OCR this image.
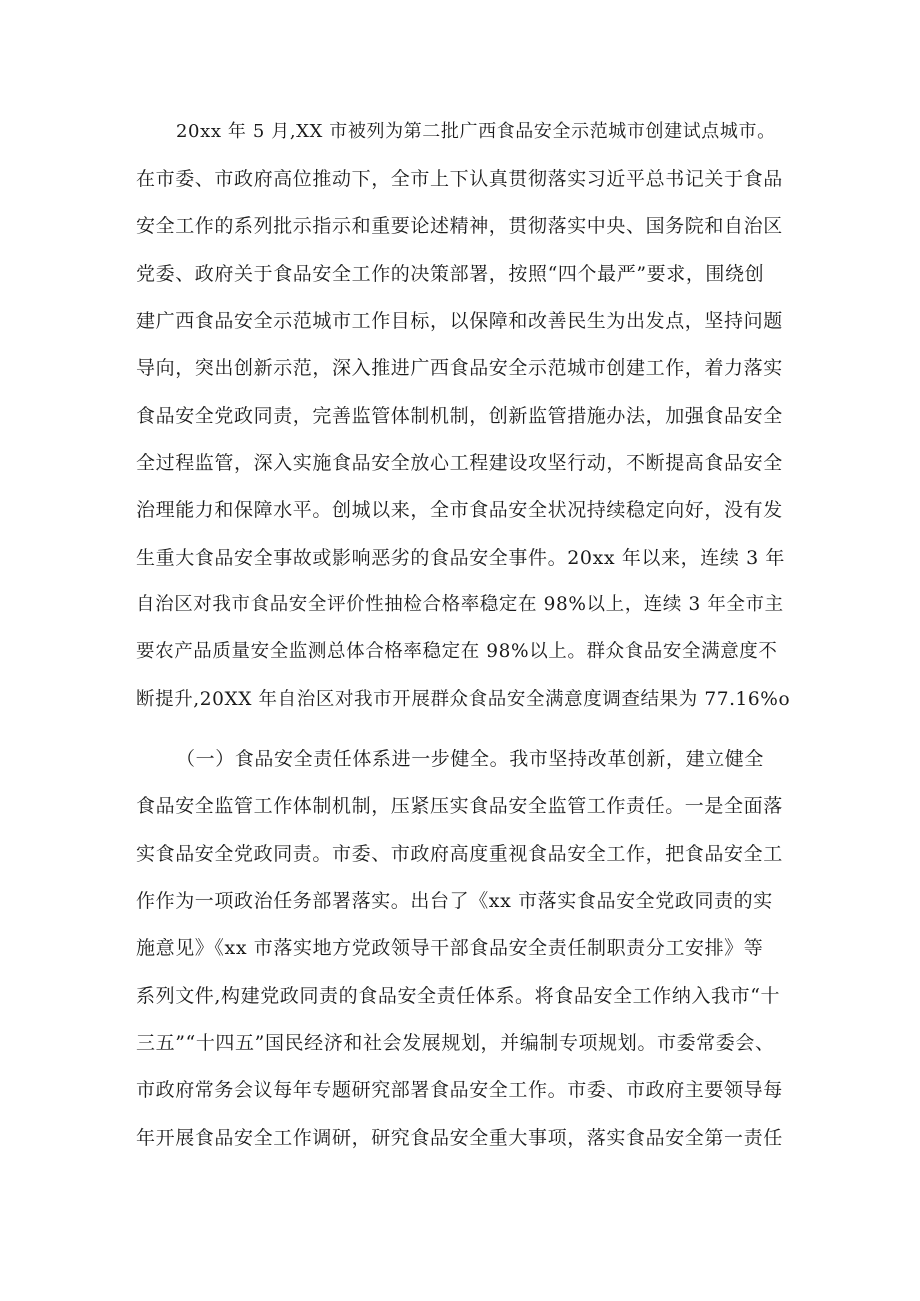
20xx 年 5 月,XX 市被列为第二批广西食品安全示范城市创建试点城市。
在市委、市政府高位推动下，全市上下认真贯彻落实习近平总书记关于食品
安全工作的系列批示指示和重要论述精神，贯彻落实中央、国务院和自治区
党委、政府关于食品安全工作的决策部署，按照“四个最严”要求，围绕创
建广西食品安全示范城市工作目标，以保障和改善民生为出发点，坚持问题
导向，突出创新示范，深入推进广西食品安全示范城市创建工作，着力落实
食品安全党政同责，完善监管体制机制，创新监管措施办法，加强食品安全
全过程监管，深入实施食品安全放心工程建设攻坚行动，不断提高食品安全
治理能力和保障水平。创城以来，全市食品安全状况持续稳定向好，没有发
生重大食品安全事故或影响恶劣的食品安全事件。20xx 年以来，连续 3 年
自治区对我市食品安全评价性抽检合格率稳定在 98%以上，连续 3 年全市主
要农产品质量安全监测总体合格率稳定在 98%以上。群众食品安全满意度不
断提升,20XX 年自治区对我市开展群众食品安全满意度调查结果为 77.16%o
（一）食品安全责任体系进一步健全。我市坚持改革创新，建立健全
食品安全监管工作体制机制，压紧压实食品安全监管工作责任。一是全面落
实食品安全党政同责。市委、市政府高度重视食品安全工作，把食品安全工
作作为一项政治任务部署落实。出台了《xx 市落实食品安全党政同责的实
施意见》《xx 市落实地方党政领导干部食品安全责任制职责分工安排》等
系列文件,构建党政同责的食品安全责任体系。将食品安全工作纳入我市“十
三五”“十四五”国民经济和社会发展规划，并编制专项规划。市委常委会、
市政府常务会议每年专题研究部署食品安全工作。市委、市政府主要领导每
年开展食品安全工作调研，研究食品安全重大事项，落实食品安全第一责任
